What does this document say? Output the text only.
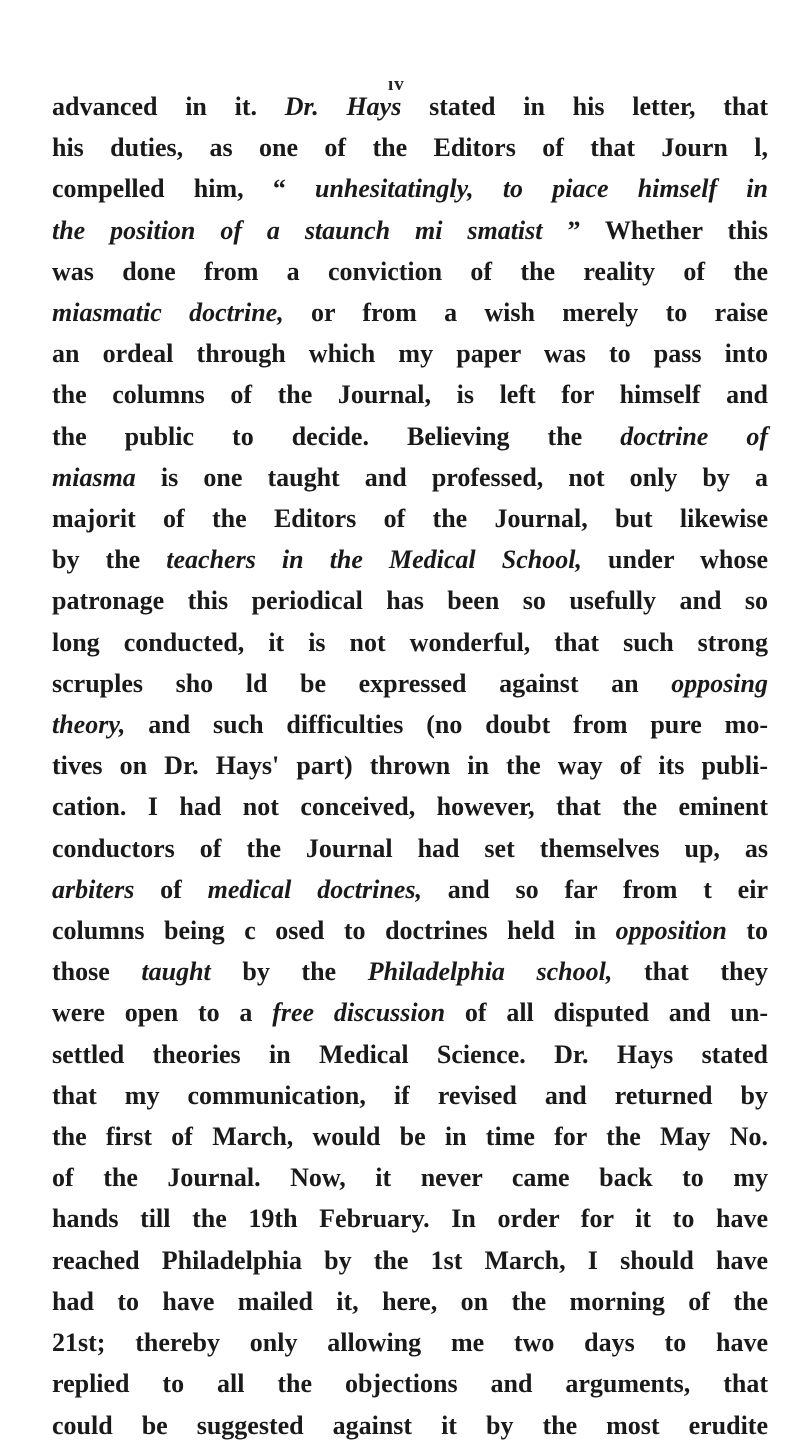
ıv
advanced in it. Dr. Hays stated in his letter, that
his duties, as one of the Editors of that Journ l,
compelled him, “ unhesitatingly, to piace himself in
the position of a staunch mi smatist ” Whether this
was done from a conviction of the reality of the
miasmatic doctrine, or from a wish merely to raise
an ordeal through which my paper was to pass into
the columns of the Journal, is left for himself and
the public to decide. Believing the doctrine of
miasma is one taught and professed, not only by a
majorit of the Editors of the Journal, but likewise
by the teachers in the Medical School, under whose
patronage this periodical has been so usefully and so
long conducted, it is not wonderful, that such strong
scruples sho ld be expressed against an opposing
theory, and such difficulties (no doubt from pure mo-
tives on Dr. Hays' part) thrown in the way of its publi-
cation. I had not conceived, however, that the eminent
conductors of the Journal had set themselves up, as
arbiters of medical doctrines, and so far from t eir
columns being c osed to doctrines held in opposition to
those taught by the Philadelphia school, that they
were open to a free discussion of all disputed and un-
settled theories in Medical Science. Dr. Hays stated
that my communication, if revised and returned by
the first of March, would be in time for the May No.
of the Journal. Now, it never came back to my
hands till the 19th February. In order for it to have
reached Philadelphia by the 1st March, I should have
had to have mailed it, here, on the morning of the
21st; thereby only allowing me two days to have
replied to all the objections and arguments, that
could be suggested against it by the most erudite
